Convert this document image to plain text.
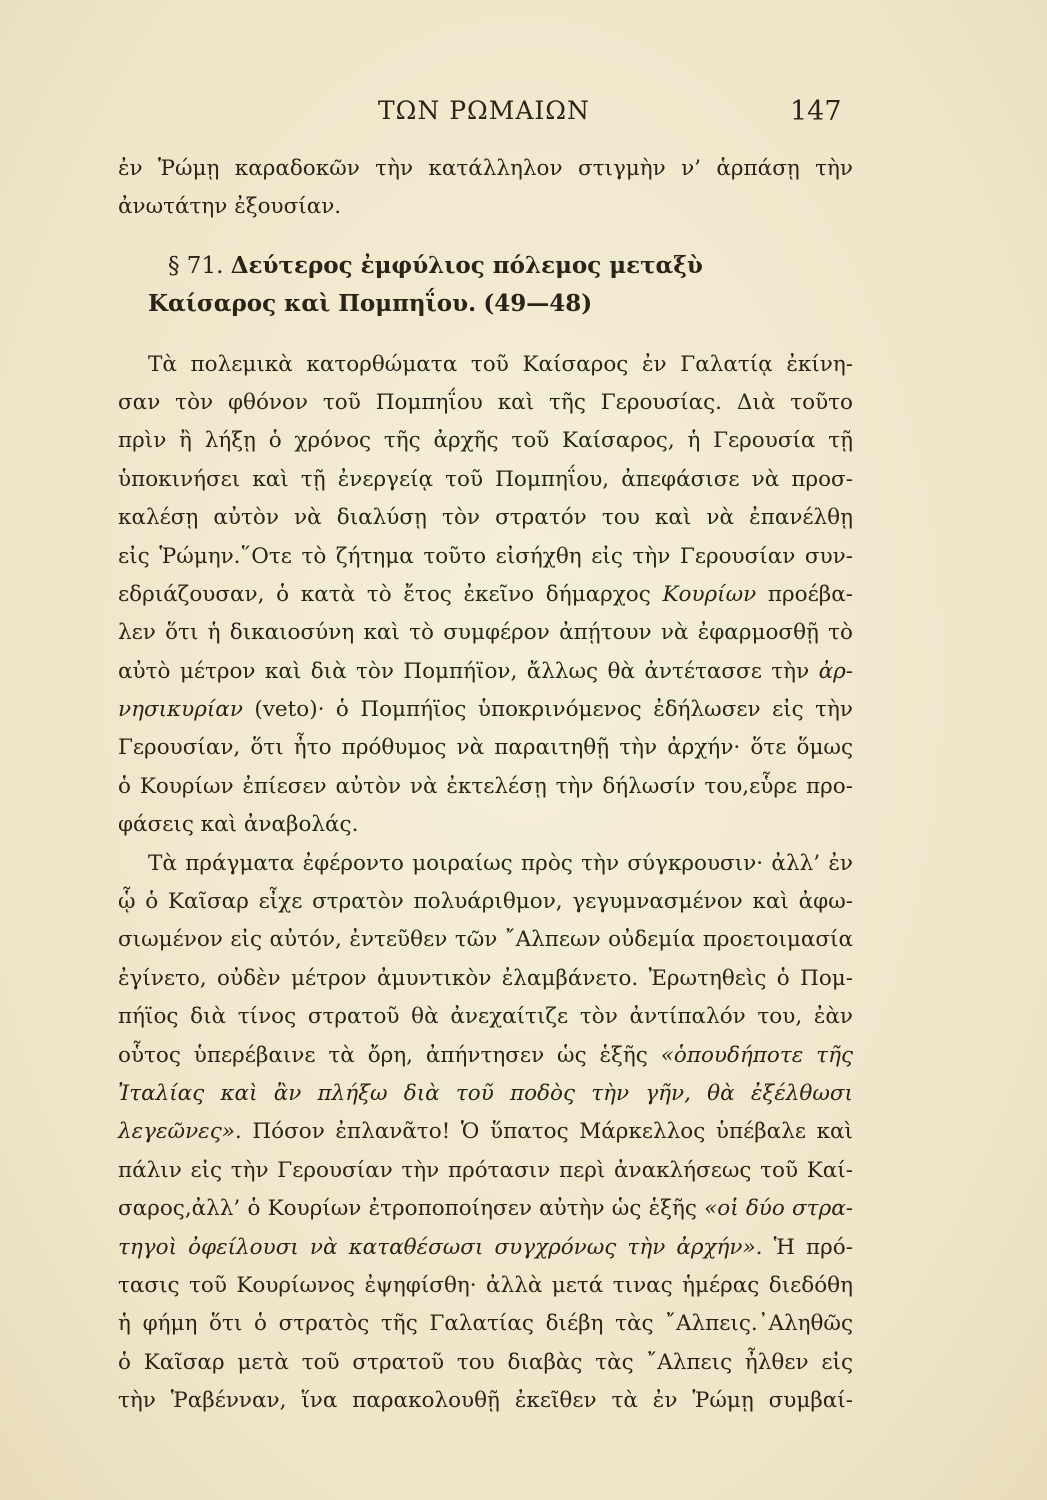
ΤΩΝ ΡΩΜΑΙΩΝ	147
ἐν Ῥώμῃ καραδοκῶν τὴν κατάλληλον στιγμὴν ν’ ἁρπάσῃ τὴν
ἀνωτάτην ἐξουσίαν.
§ 71. Δεύτερος ἐμφύλιος πόλεμος μεταξὺ
Καίσαρος καὶ Πομπηΐου. (49—48)
Τὰ πολεμικὰ κατορθώματα τοῦ Καίσαρος ἐν Γαλατίᾳ ἐκίνη-
σαν τὸν φθόνον τοῦ Πομπηΐου καὶ τῆς Γερουσίας. Διὰ τοῦτο
πρὶν ἢ λήξῃ ὁ χρόνος τῆς ἀρχῆς τοῦ Καίσαρος, ἡ Γερουσία τῇ
ὑποκινήσει καὶ τῇ ἐνεργείᾳ τοῦ Πομπηΐου, ἀπεφάσισε νὰ προσ-
καλέσῃ αὐτὸν νὰ διαλύσῃ τὸν στρατόν του καὶ νὰ ἐπανέλθῃ
εἰς Ῥώμην.῞Οτε τὸ ζήτημα τοῦτο εἰσήχθη εἰς τὴν Γερουσίαν συν-
εδριάζουσαν, ὁ κατὰ τὸ ἔτος ἐκεῖνο δήμαρχος Κουρίων προέβα-
λεν ὅτι ἡ δικαιοσύνη καὶ τὸ συμφέρον ἀπῄτουν νὰ ἐφαρμοσθῇ τὸ
αὐτὸ μέτρον καὶ διὰ τὸν Πομπήϊον, ἄλλως θὰ ἀντέτασσε τὴν ἀρ-
νησικυρίαν (veto)· ὁ Πομπήϊος ὑποκρινόμενος ἐδήλωσεν εἰς τὴν
Γερουσίαν, ὅτι ἦτο πρόθυμος νὰ παραιτηθῇ τὴν ἀρχήν· ὅτε ὅμως
ὁ Κουρίων ἐπίεσεν αὐτὸν νὰ ἐκτελέσῃ τὴν δήλωσίν του,εὗρε προ-
φάσεις καὶ ἀναβολάς.
Τὰ πράγματα ἐφέροντο μοιραίως πρὸς τὴν σύγκρουσιν· ἀλλ’ ἐν
ᾧ ὁ Καῖσαρ εἶχε στρατὸν πολυάριθμον, γεγυμνασμένον καὶ ἀφω-
σιωμένον εἰς αὐτόν, ἐντεῦθεν τῶν ῎Αλπεων οὐδεμία προετοιμασία
ἐγίνετο, οὐδὲν μέτρον ἀμυντικὸν ἐλαμβάνετο. Ἐρωτηθεὶς ὁ Πομ-
πήϊος διὰ τίνος στρατοῦ θὰ ἀνεχαίτιζε τὸν ἀντίπαλόν του, ἐὰν
οὗτος ὑπερέβαινε τὰ ὄρη, ἀπήντησεν ὡς ἑξῆς «ὁπουδήποτε τῆς
Ἰταλίας καὶ ἂν πλήξω διὰ τοῦ ποδὸς τὴν γῆν, θὰ ἐξέλθωσι
λεγεῶνες». Πόσον ἐπλανᾶτο! Ὁ ὕπατος Μάρκελλος ὑπέβαλε καὶ
πάλιν εἰς τὴν Γερουσίαν τὴν πρότασιν περὶ ἀνακλήσεως τοῦ Καί-
σαρος,ἀλλ’ ὁ Κουρίων ἐτροποποίησεν αὐτὴν ὡς ἑξῆς «οἱ δύο στρα-
τηγοὶ ὀφείλουσι νὰ καταθέσωσι συγχρόνως τὴν ἀρχήν». Ἡ πρό-
τασις τοῦ Κουρίωνος ἐψηφίσθη· ἀλλὰ μετά τινας ἡμέρας διεδόθη
ἡ φήμη ὅτι ὁ στρατὸς τῆς Γαλατίας διέβη τὰς ῎Αλπεις.᾿Αληθῶς
ὁ Καῖσαρ μετὰ τοῦ στρατοῦ του διαβὰς τὰς ῎Αλπεις ἦλθεν εἰς
τὴν Ῥαβένναν, ἵνα παρακολουθῇ ἐκεῖθεν τὰ ἐν Ῥώμῃ συμβαί-
